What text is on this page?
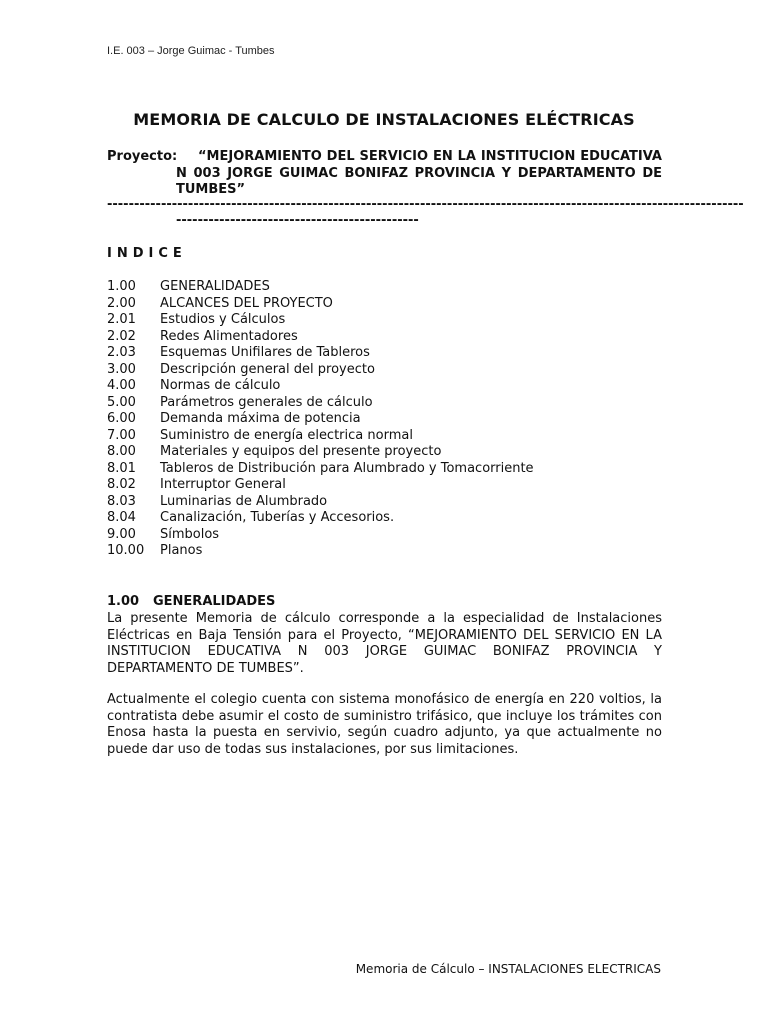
I.E. 003 – Jorge Guimac - Tumbes
MEMORIA DE CALCULO DE INSTALACIONES ELÉCTRICAS
Proyecto:	“MEJORAMIENTO DEL SERVICIO EN LA INSTITUCION EDUCATIVA N 003 JORGE GUIMAC BONIFAZ PROVINCIA Y DEPARTAMENTO DE TUMBES”
----------------------------------------------------------------------------------------------------------------------
---------------------------------------------
INDICE
1.00 GENERALIDADES
2.00 ALCANCES DEL PROYECTO
2.01 Estudios y Cálculos
2.02 Redes Alimentadores
2.03 Esquemas Unifilares de Tableros
3.00 Descripción general del proyecto
4.00 Normas de cálculo
5.00 Parámetros generales de cálculo
6.00 Demanda máxima de potencia
7.00 Suministro de energía electrica normal
8.00 Materiales y equipos del presente proyecto
8.01 Tableros de Distribución para Alumbrado y Tomacorriente
8.02 Interruptor General
8.03 Luminarias de Alumbrado
8.04 Canalización, Tuberías y Accesorios.
9.00 Símbolos
10.00 Planos
1.00 GENERALIDADES
La presente Memoria de cálculo corresponde a la especialidad de Instalaciones Eléctricas en Baja Tensión para el Proyecto, “MEJORAMIENTO DEL SERVICIO EN LA INSTITUCION EDUCATIVA N 003 JORGE GUIMAC BONIFAZ PROVINCIA Y DEPARTAMENTO DE TUMBES”.
Actualmente el colegio cuenta con sistema monofásico de energía en 220 voltios, la contratista debe asumir el costo de suministro trifásico, que incluye los trámites con Enosa hasta la puesta en servivio, según cuadro adjunto, ya que actualmente no puede dar uso de todas sus instalaciones, por sus limitaciones.
Memoria de Cálculo – INSTALACIONES ELECTRICAS
